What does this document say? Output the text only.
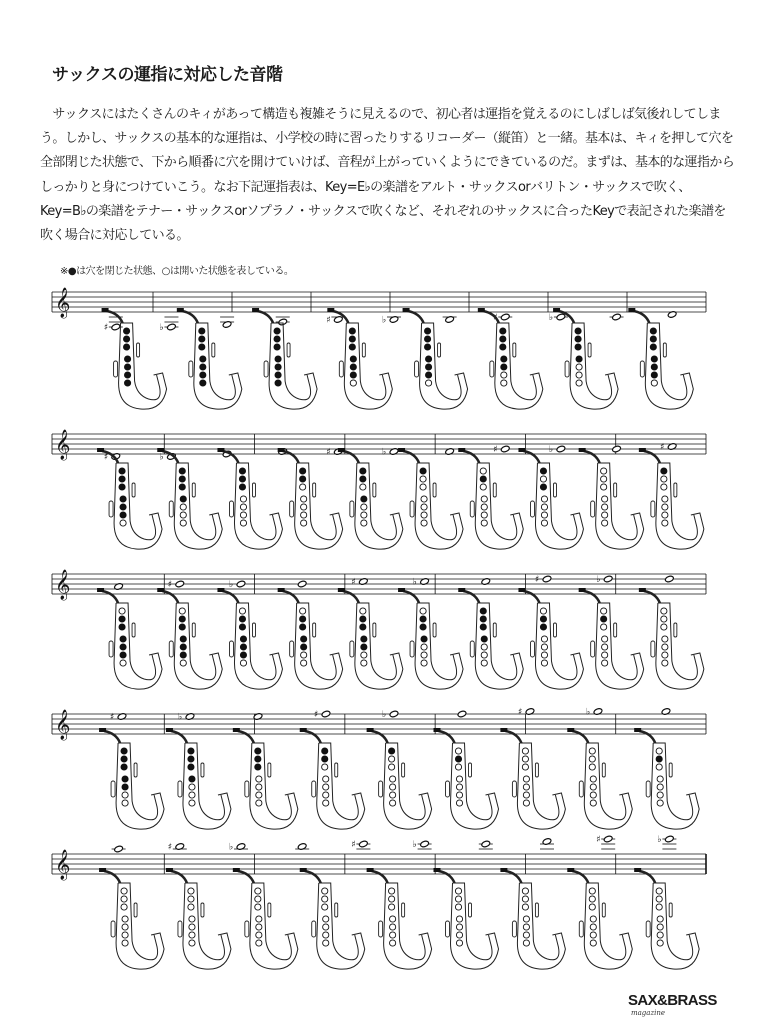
サックスの運指に対応した音階

　サックスにはたくさんのキィがあって構造も複雑そうに見えるので、初心者は運指を覚えるのにしばしば気後れしてしまう。しかし、サックスの基本的な運指は、小学校の時に習ったりするリコーダー（縦笛）と一緒。基本は、キィを押して穴を全部閉じた状態で、下から順番に穴を開けていけば、音程が上がっていくようにできているのだ。まずは、基本的な運指からしっかりと身につけていこう。なお下記運指表は、Key=E♭の楽譜をアルト・サックスorバリトン・サックスで吹く、Key=B♭の楽譜をテナー・サックスorソプラノ・サックスで吹くなど、それぞれのサックスに合ったKeyで表記された楽譜を吹く場合に対応している。

※●は穴を閉じた状態、○は開いた状態を表している。

𝄞
♯	♭
♯	♭	♯	♭
𝄞	♯	♭	♯	♭	♯	♭	♯
𝄞	♯	♭	♯	♭	♯	♭
𝄞	♯	♭	♯	♭	♯	♭
𝄞
♯	♭	♯	♭	♯	♭
SAX&BRASS
magazine
